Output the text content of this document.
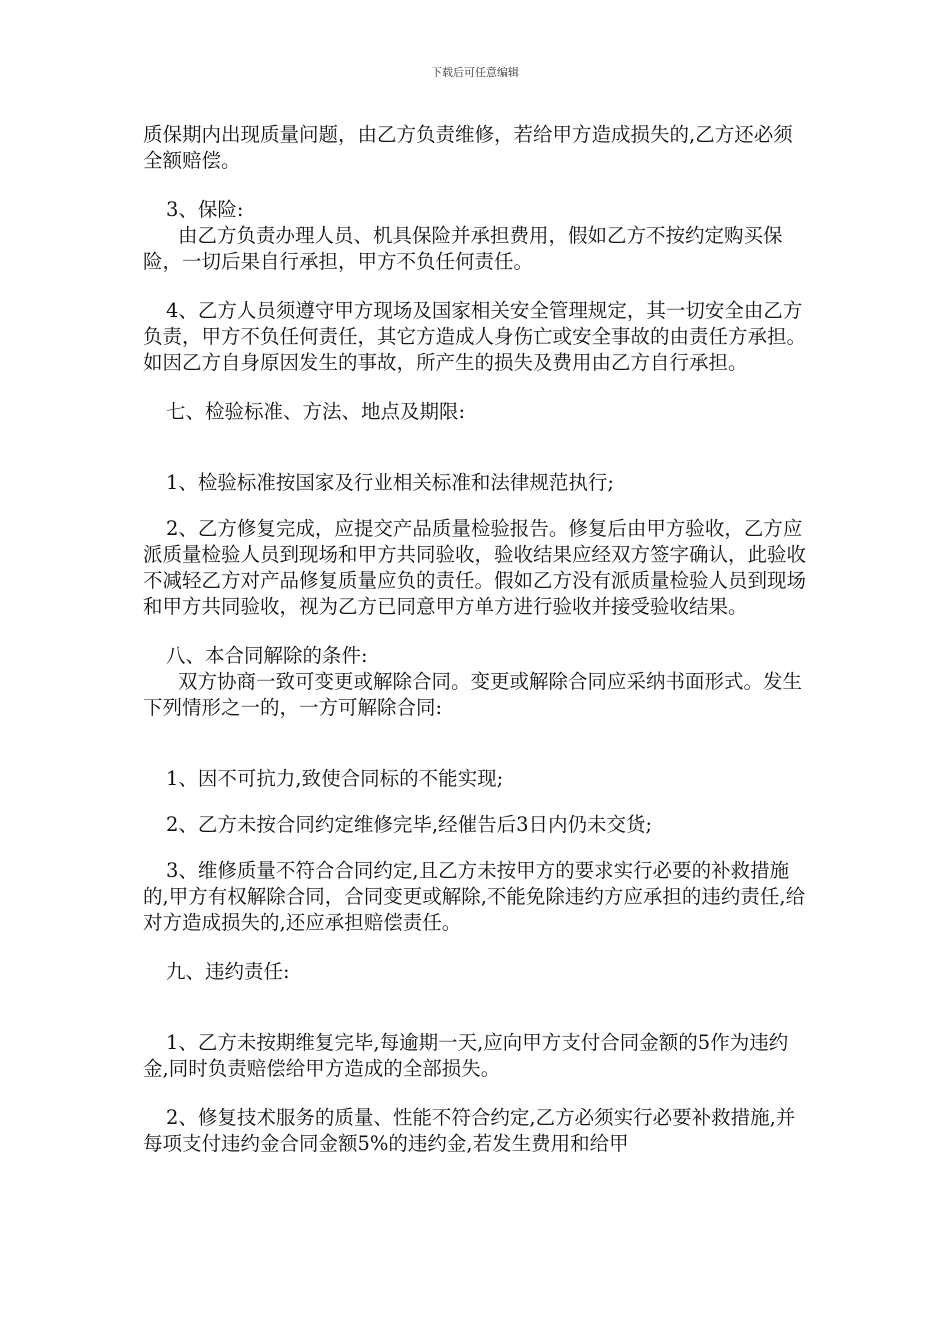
下载后可任意编辑

质保期内出现质量问题，由乙方负责维修，若给甲方造成损失的,乙方还必须全额赔偿。

3、保险:

由乙方负责办理人员、机具保险并承担费用，假如乙方不按约定购买保险，一切后果自行承担，甲方不负任何责任。

4、乙方人员须遵守甲方现场及国家相关安全管理规定，其一切安全由乙方负责，甲方不负任何责任，其它方造成人身伤亡或安全事故的由责任方承担。如因乙方自身原因发生的事故，所产生的损失及费用由乙方自行承担。

七、检验标准、方法、地点及期限:

1、检验标准按国家及行业相关标准和法律规范执行;

2、乙方修复完成，应提交产品质量检验报告。修复后由甲方验收，乙方应派质量检验人员到现场和甲方共同验收，验收结果应经双方签字确认，此验收不减轻乙方对产品修复质量应负的责任。假如乙方没有派质量检验人员到现场和甲方共同验收，视为乙方已同意甲方单方进行验收并接受验收结果。

八、本合同解除的条件:

双方协商一致可变更或解除合同。变更或解除合同应采纳书面形式。发生下列情形之一的，一方可解除合同:

1、因不可抗力,致使合同标的不能实现;

2、乙方未按合同约定维修完毕,经催告后3日内仍未交货;

3、维修质量不符合合同约定,且乙方未按甲方的要求实行必要的补救措施的,甲方有权解除合同，合同变更或解除,不能免除违约方应承担的违约责任,给对方造成损失的,还应承担赔偿责任。

九、违约责任:

1、乙方未按期维复完毕,每逾期一天,应向甲方支付合同金额的5作为违约金,同时负责赔偿给甲方造成的全部损失。

2、修复技术服务的质量、性能不符合约定,乙方必须实行必要补救措施,并每项支付违约金合同金额5%的违约金,若发生费用和给甲
